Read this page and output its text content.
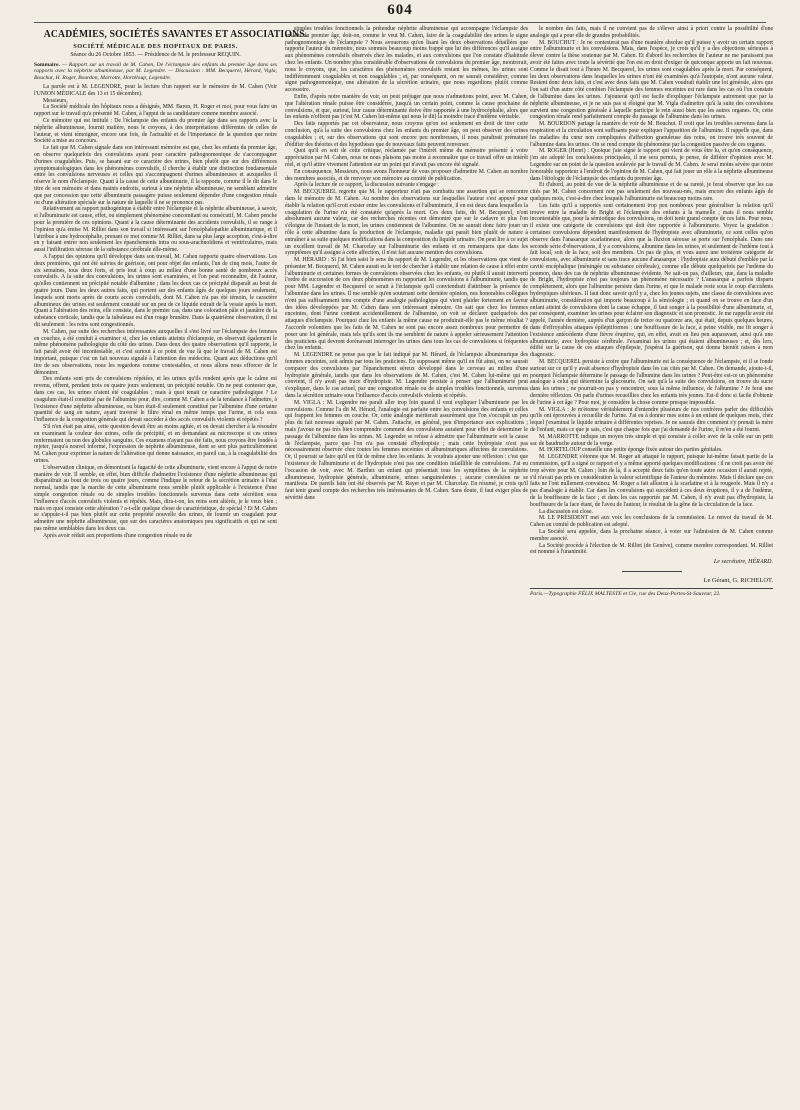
604
ACADÉMIES, SOCIÉTÉS SAVANTES ET ASSOCIATIONS.
SOCIÉTÉ MÉDICALE DES HOPITAUX DE PARIS.
Séance du 26 Octobre 1853. — Présidence de M. le professeur REQUIN.
Sommaire. — Rapport sur un travail de M. Cahen, De l'éclampsie des enfants du premier âge dans ses rapports avec la néphrite albumineuse, par M. Legendre. — Discussion : MM. Becquerel, Hérard, Vigla, Bouchut, H. Roger, Bourdon, Marrotte, Hortéloup, Legendre.

La parole est à M. LEGENDRE, pour la lecture d'un rapport sur le mémoire de M. Cahen (Voir l'UNION MÉDICALE des 13 et 15 décembre).

Messieurs,

La Société médicale des hôpitaux nous a désignés, MM. Baron, H. Roger et moi, pour vous faire un rapport sur le travail qu'a présenté M. Cahen, à l'appui de sa candidature comme membre associé.

Ce mémoire qui est intitulé : De l'éclampsie des enfants du premier âge dans ses rapports avec la néphrite albumineuse, fournit matière, nous le croyons, à des interprétations différentes de celles de l'auteur, et vient témoigner, encore une fois, de l'actualité et de l'importance de la question que notre Société a mise au concours.

Le fait que M. Cahen signale dans son intéressant mémoire est que, chez les enfants du premier âge, on observe quelquefois des convulsions ayant pour caractère pathognomonique de s'accompagner d'urines coagulables. Puis, se basant sur ce caractère des urines, bien plutôt que sur des différences symptomatologiques dans les phénomènes convulsifs, il cherche à établir une distinction fondamentale entre les convulsions nerveuses et celles qui s'accompagnent d'urines albumineuses et auxquelles il réserve le nom d'éclampsie. Quant à la cause de cette albuminurie, il la rapporte, comme il le dit dans le titre de son mémoire et dans maints endroits, surtout à une néphrite albumineuse, ne semblant admettre que par concession que cette albuminurie passagère puisse seulement dépendre d'une congestion rénale ou d'une altération spéciale sur la nature de laquelle il ne se prononce pas.

Relativement au rapport pathogénique à établir entre l'éclampsie et la néphrite albumineuse, à savoir, si l'albuminurie est cause, effet, ou simplement phénomène concomitant ou consécutif, M. Cahen penche pour la première de ces opinions. Quant à la cause déterminante des accidents convulsifs, il se range à l'opinion qu'a émise M. Rilliet dans son travail si intéressant sur l'encéphalopathie albuminurique, et il l'attribue à une hydrocéphalie, prenant ce mot comme M. Rilliet, dans sa plus large acception, c'est-à-dire en y faisant entrer non seulement les épanchements intra ou sous-arachnoïdiens et ventriculaires, mais aussi l'infiltration séreuse de la substance cérébrale elle-même.

A l'appui des opinions qu'il développe dans son travail, M. Cahen rapporte quatre observations. Les deux premières, qui ont été suivies de guérison, ont pour objet des enfants, l'un de cinq mois, l'autre de six semaines, tous deux forts, et pris tout à coup au milieu d'une bonne santé de nombreux accès convulsifs. A la suite des convulsions, les urines sont examinées, et l'on peut reconnaître, dit l'auteur, qu'elles contiennent un précipité notable d'albumine ; dans les deux cas ce précipité disparaît au bout de quatre jours. Dans les deux autres faits, qui portent sur des enfants âgés de quelques jours seulement, lesquels sont morts après de courts accès convulsifs, dont M. Cahen n'a pas été témoin, le caractère albumineux des urines est seulement constaté sur un peu de ce liquide extrait de la vessie après la mort. Quant à l'altération des reins, elle consiste, dans le premier cas, dans une coloration pâle et jaunâtre de la substance corticale, tandis que la tubuleuse est d'un rouge brunâtre. Dans la quatrième observation, il est dit seulement : les reins sont congestionnés.

M. Cahen, par suite des recherches intéressantes auxquelles il s'est livré sur l'éclampsie des femmes en couches, a été conduit à examiner si, chez les enfants atteints d'éclampsie, on observait également le même phénomène pathologique du côté des urines. Dans deux des quatre observations qu'il rapporte, le fait paraît avoir été incontestable, et c'est surtout à ce point de vue là que le travail de M. Cahen est important, puisque c'est un fait nouveau signalé à l'attention des médecins. Quant aux déductions qu'il tire de ses observations, nous les regardons comme contestables, et nous allons nous efforcer de le démontrer.

Des enfants sont pris de convulsions répétées, et les urines qu'ils rendent après que le calme est revenu, offrent, pendant trois ou quatre jours seulement, un précipité notable. On ne peut contester que, dans ces cas, les urines n'aient été coagulables ; mais à quoi tenait ce caractère pathologique ? Le coagulum était-il constitué par de l'albumine pour, dire, comme M. Cahen a de la tendance à l'admettre, à l'existence d'une néphrite albumineuse, ou bien était-il seulement constitué par l'albumine d'une certaine quantité de sang en nature, ayant traversé le filtre rénal en même temps que l'urine, et cela sous l'influence de la congestion générale qui devait succéder à des accès convulsifs violents et répétés ?

S'il n'en était pas ainsi, cette question devait être au moins agitée, et on devait chercher à la résoudre en examinant la couleur des urines, celle du précipité, et en demandant au microscope si ces urines renfermaient ou non des globules sanguins. Ces examens n'ayant pas été faits, nous croyons être fondés à rejeter, jusqu'à nouvel informé, l'expression de néphrite albumineuse, dont se sert plus particulièrement M. Cahen pour exprimer la nature de l'altération qui donne naissance, en pareil cas, à la coagulabilité des urines.

L'observation clinique, en démontrant la fugacité de cette albuminurie, vient encore à l'appui de notre manière de voir. Il semble, en effet, bien difficile d'admettre l'existence d'une néphrite albumineuse qui disparaîtrait au bout de trois ou quatre jours, comme l'indique le retour de la sécrétion urinaire à l'état normal, tandis que la marche de cette albuminurie nous semble plutôt applicable à l'existence d'une simple congestion rénale ou de simples troubles fonctionnels survenus dans cette sécrétion sous l'influence d'accès convulsifs violents et répétés. Mais, dira-t-on, les reins sont altérés, je le veux bien ; mais en quoi consiste cette altération ? a-t-elle quelque chose de caractéristique, de spécial ? Et M. Cahen se s'appuie-t-il pas bien plutôt sur cette propriété nouvelle des urines, de fournir un coagulant pour admettre une néphrite albumineuse, que sur des caractères anatomiques peu significatifs et qui ne sont pas même semblables dans les deux cas.

Après avoir réduit aux proportions d'une congestion rénale ou de

simples troubles fonctionnels la prétendue néphrite albumineuse qui accompagne l'éclampsie des enfants du premier âge, doit-on, comme le veut M. Cahen, faire de la coagulabilité des urines le signe pathognomonique de l'éclampsie ? Nous avouerons qu'en lisant les deux observations détaillées que rapporte l'auteur du mémoire, nous sommes beaucoup moins frappé que lui des différences qu'il assigne aux phénomènes convulsifs observés chez les malades, et aux convulsions que l'on constate d'habitude chez les enfants. Un nombre plus considérable d'observations de convulsions du premier âge, montrerait, nous le croyons, que, les caractères des phénomènes convulsifs restant les mêmes, les urines sont indifféremment coagulables et non coagulables ; et, par conséquent, on ne saurait considérer, comme signe pathognomonique, une altération de la sécrétion urinaire, que nous regardions plutôt comme accessoire.

Enfin, d'après notre manière de voir, on peut préjuger que nous n'admettons point, avec M. Cahen, que l'altération rénale puisse être considérée, jusqu'à un certain point, comme la cause prochaine de convulsions, et que, surtout, leur cause déterminante doive être rapportée à une hydrocéphalie, alors que les enfants n'offrent pas (c'est M. Cahen lui-même qui nous le dit) la moindre trace d'œdème véritable.

Des faits rapportés par cet observateur, nous croyons qu'on est seulement en droit de tirer cette conclusion, qu'à la suite des convulsions chez les enfants du premier âge, on peut observer des urines coagulables ; et, sur des observations qui sont encore peu nombreuses, il nous paraîtrait prématuré d'édifier des théories et des hypothèses que de nouveaux faits peuvent renverser.

Quoi qu'il en soit de cette critique, réclamée par l'intérêt même du mémoire présenté à votre appréciation par M. Cahen, nous ne nous plaisons pas moins à reconnaître que ce travail offre un intérêt réel, et qu'il attire vivement l'attention sur un point qui n'avait pas encore été signalé.

En conséquence, Messieurs, nous avons l'honneur de vous proposer d'admettre M. Cahen au nombre des membres associés, et de renvoyer son mémoire au comité de publication.

Après la lecture de ce rapport, la discussion suivante s'engage :

M. BECQUEREL regrette que M. le rapporteur n'ait pas combattu une assertion qui se rencontre dans le mémoire de M. Cahen. Au nombre des observations sur lesquelles l'auteur s'est appuyé pour établir la relation qu'il croit exister entre les convulsions et l'albuminurie, il en est deux dans lesquelles la coagulation de l'urine n'a été constatée qu'après la mort. Ces deux faits, dit M. Becquerel, n'ont absolument aucune valeur, car des recherches récentes ont démontré que sur le cadavre et plus l'on s'éloigne de l'instant de la mort, les urines contiennent de l'albumine. On ne saurait donc faire jouer un rôle à cette albumine dans la production de l'éclampsie, maladie qui paraît bien plutôt de nature à entraîner à sa suite quelques modifications dans la composition du liquide urinaire. On peut lire à ce sujet un excellent travail de M. Charcelay sur l'albuminurie des enfants et on remarquera que dans les symptômes qu'il assigne à cette affection, il n'est fait aucune mention des convulsions.

M. HÉRARD : Si j'ai bien saisi le sens du rapport de M. Legendre, et les observations que vient de présenter M. Becquerel, M. Cahen aurait eu le tort de chercher à établir une relation de cause à effet entre l'albuminurie et certaines formes de convulsions observées chez les enfants, ou plutôt il aurait intervertí l'ordre de succession de ces deux phénomènes en rapportant les convulsions à l'albuminurie, tandis que pour MM. Legendre et Becquerel ce serait à l'éclampsie qu'il conviendrait d'attribuer la présence de l'albumine dans les urines. Il me semble qu'en soutenant cette dernière opinion, nos honorables collègues n'ont pas suffisamment tenu compte d'une analogie pathologique qui vient plaider fortement en faveur des idées développées par M. Cahen dans son intéressant mémoire. On sait que chez les femmes enceintes, dont l'urine contient accidentellement de l'albumine, on voit se déclarer quelquefois des attaques d'éclampsie. Pourquoi chez les enfants la même cause ne produirait-elle pas le même résultat ? J'accorde volontiers que les faits de M. Cahen ne sont pas encore assez nombreux pour permettre de poser une loi générale, mais tels qu'ils sont ils me semblent de nature à appeler sérieusement l'attention des praticiens qui devront dorénavant interroger les urines dans tous les cas de convulsions si fréquentes chez les enfants.

M. LEGENDRE ne pense pas que le fait indiqué par M. Hérard, de l'éclampsie albuminurique des femmes enceintes, soit admis par tous les praticiens. En supposant même qu'il en fût ainsi, on ne saurait comparer des convulsions par l'épanchement séreux développé dans le cerveau au milieu d'une hydropisie générale, tandis que dans les observations de M. Cahen, c'est M. Cahen lui-même qui en convient, il n'y avait pas trace d'hydropisie. M. Legendre persiste à penser que l'albuminurie peut s'expliquer, dans le cas actuel, par une congestion rénale ou de simples troubles fonctionnels, survenus dans la sécrétion urinaire sous l'influence d'accès convulsifs violents et répétés.

M. VIGLA : M. Legendre me paraît aller trop loin quand il veut expliquer l'albuminurie par les convulsions. Comme l'a dit M. Hérard, l'analogie est parfaite entre les convulsions des enfants et celles qui frappent les femmes en couche. Or, cette analogie mériterait assurément que l'on s'occupât un peu plus du fait nouveau signalé par M. Cahen. J'attache, en général, peu d'importance aux explications ; mais j'avoue ne pas très bien comprendre comment des convulsions auraient pour effet de déterminer le passage de l'albumine dans les urines. M. Legendre se refuse à admettre que l'albuminurie soit la cause de l'éclampsie, parce que l'on n'a pas constaté d'hydropisie ; mais cette hydropisie n'est pas nécessairement observée chez toutes les femmes enceintes et albuminuriques affectées de convulsions. Or, il pourrait se faire qu'il en fût de même chez les enfants. Je voudrais ajouter une réflexion : c'est que l'existence de l'albuminurie et de l'hydropisie n'est pas une condition infaillible de convulsions. J'ai eu l'occasion de voir, avec M. Barthez un enfant qui présentait tous les symptômes de la néphrite albumineuse, hydropisie générale, albuminurie, urines sanguinolentes ; aucune convulsion ne se manifesta. De pareils faits ont été observés par M. Rayer et par M. Charcelay. En résumé, je crois qu'il faut tenir grand compte des recherches très intéressantes de M. Cahen. Sans doute, il faut exiger plus de sévérité dans

le nombre des faits, mais il ne convient pas de s'élever ainsi à priori contre la possibilité d'une analogie qui a pour elle de grandes probabilités.

M. BOUCHUT : Je ne contesterai pas d'une manière absolue qu'il puisse y avoir un certain rapport entre l'albuminurie et les convulsions. Mais, dans l'espèce, je crois qu'il y a des objections sérieuses à élever contre la thèse soutenue par M. Cahen. Et d'abord les recherches de l'auteur ne me paraissent pas avoir été faites avec toute la sévérité que l'on est en droit d'exiger de quiconque apporte un fait nouveau. Comme le disait tout à l'heure M. Becquerel, les urines sont coagulables après la mort. Par conséquent, les deux observations dans lesquelles les urines n'ont été examinées qu'à l'autopsie, n'ont aucune valeur. Restent donc deux faits, et c'est avec deux faits que M. Cahen voudrait établir une loi générale, alors que l'on sait d'un autre côté combien l'éclampsie des femmes enceintes est rare dans les cas où l'on constate de l'albumine dans les urines. J'ajouterai qu'il est facile d'expliquer l'éclampsie autrement que par la néphrite albumineuse, et je ne suis pas si éloigné que M. Vigla d'admettre qu'à la suite des convulsions survient une congestion générale à laquelle participe le rein aussi bien que les autres organes. Or, cette congestion rénale rend parfaitement compte du passage de l'albumine dans les urines.

M. BOURDON partage la manière de voir de M. Bouchut. Il croit que les troubles survenus dans la respiration et la circulation sont suffisants pour expliquer l'apparition de l'albumine. Il rappelle que, dans les maladies du cœur non compliquées d'affection granuleuse des reins, on trouve très souvent de l'albumine dans les urines. On se rend compte du phénomène par la congestion passive de ces organes.

M. ROGER (Henri) : Quoique j'aie signé le rapport qui vient de vous être lu, et qu'en conséquence, j'en aie adopté les conclusions principales, il me sera permis, je pense, de différer d'opinion avec M. Legendre sur un point de la question soulevée par le travail de M. Cahen. Je serai moins sévère que notre honorable rapporteur à l'endroit de l'opinion de M. Cahen, qui fait jouer un rôle à la néphrite albumineuse dans l'étiologie de l'éclampsie des enfants du premier âge.

Et d'abord, au point de vue de la néphrite albumineuse et de sa rareté, je ferai observer que les cas cités par M. Cahen concernent non pas seulement des nouveau-nés, mais encore des enfants âgés de quelques mois, c'est-à-dire chez lesquels l'albuminurie est beaucoup moins rare.

Les faits qu'il a rapportés sont certainement trop peu nombreux pour généraliser la relation qu'il trouve entre la maladie de Bright et l'éclampsie des enfants à la mamelle ; mais il nous semble incontestable que, pour la sémiotique des convulsions, on doit tenir grand compte de ces faits. Pour nous, il existe une catégorie de convulsions qui doit être rapportée à l'albuminurie. Voyez la gradation : certaines convulsions dépendent manifestement de l'hydropisie avec albuminurie, ce sont celles qu'on observe dans l'anasarque scarlatineuse, alors que la fluxion séreuse se porte sur l'encéphale. Dans une seconde série d'observations, il y a convulsions, albumine dans les urines, et seulement de l'œdème tout à fait local, soit de la face, soit des membres. Un pas de plus, et vous aurez une troisième catégorie de convulsions, avec albuminurie et sans trace aucune d'anasarque : l'hydropisie aura débuté d'emblée par la cavité encéphalique (méningée ou substance cérébrale), comme elle débute quelquefois par l'œdème du poumon, dans des cas de néphrite albumineuse évidente. Ne sait-on pas, d'ailleurs, que, dans la maladie de Bright, l'hydropisie n'est pas toujours un phénomène nécessaire ? L'anasarque a parfois disparu complètement, alors que l'albumine persiste dans l'urine, et que le malade reste sous le coup d'accidents hydropiques ultérieurs. Il faut donc savoir qu'il y a, chez les jeunes sujets, une classe de convulsions avec albuminurie, considération qui importe beaucoup à la sémiologie ; et quand on se trouve en face d'un enfant atteint de convulsions dont la cause échappe, il faut songer à la possibilité d'une albuminurie, et, par conséquent, examiner les urines pour éclairer son diagnostic et son pronostic. Je me rappelle avoir été appelé, l'année dernière, auprès d'un garçon de treize ou quatorze ans, qui était, depuis quelques heures, dans d'effroyables attaques épileptiformes : une bouffissure de la face, à peine visible, me fit songer à l'existence antécédente d'une fièvre éruptive, qui, en effet, avait eu lieu peu auparavant, ainsi qu'à une albuminurie, avec hydropisie cérébrale. J'examinai les urines qui étaient albumineuses ; et, dès lors, édifié sur la cause de ces attaques d'épilepsie, j'espérai la guérison, qui donna bientôt raison à mon diagnostic.

M. BECQUEREL persiste à croire que l'albuminurie est la conséquence de l'éclampsie, et il se fonde surtout sur ce qu'il y avait absence d'hydropisie dans les cas cités par M. Cahen. On demande, ajoute-t-il, pourquoi l'éclampsie détermine le passage de l'albumine dans les urines ? Peut-être est-ce un phénomène analogue à celui qui détermine la glucosurie. On sait qu'à la suite des convulsions, on trouve du sucre dans les urines ; ne pourrait-on pas y rencontrer, sous la même influence, de l'albumine ? Je ferai une dernière réflexion. On parle d'urines recueillies chez les enfants très jeunes. Est-il donc si facile d'obtenir de l'urine à cet âge ? Pour moi, je considère la chose comme presque impossible.

M. VIGLA : Je m'étonne véritablement d'entendre plusieurs de nos confrères parler des difficultés qu'ils ont éprouvées à recueillir de l'urine. J'ai eu à donner mes soins à un enfant de quelques mois, chez lequel j'examinai le liquide urinaire à différentes reprises. Je ne saurais dire comment s'y prenait la mère de l'enfant, mais ce que je sais, c'est que chaque fois que j'ai demandé de l'urine, il m'en a été fourni.

M. MARROTTE indique un moyen très simple et qui consiste à coller avec de la colle sur un petit sac de baudruche autour de la verge.

M. HORTELOUP conseille une petite éponge fixée autour des parties génitales.

M. LEGENDRE s'étonne que M. Roger ait attaqué le rapport, puisque lui-même faisait partie de la commission, qu'il a signé ce rapport et y a même apporté quelques modifications : il ne croit pas avoir été trop sévère pour M. Cahen ; loin de là, il a accepté deux faits qu'en toute autre occasion il aurait rejeté, s'il n'avait pas pris en considération la valeur scientifique de l'auteur du mémoire. Mais il déclare que ces faits ne l'ont nullement convaincu. M. Roger a fait allusion à la scarlatine et à la rougeole. Mais il n'y a pas d'analogie à établir. Car dans les convulsions qui succèdent à ces deux éruptions, il y a de l'œdème, de la bouffissure de la face ; et dans les cas rapportés par M. Cahen, il n'y avait pas d'hydropisie, la bouffissure de la face étant, de l'aveu de l'auteur, le résultat de la gêne de la circulation de la face.

La discussion est close.

M. LE PRÉSIDENT met aux voix les conclusions de la commission. Le renvoi du travail de M. Cahen au comité de publication est adopté.

La Société sera appelée, dans la prochaine séance, à voter sur l'admission de M. Cahen comme membre associé.

La Société procède à l'élection de M. Rilliet (de Genève), comme membre correspondant. M. Rilliet est nommé à l'unanimité.

Le secrétaire, HÉRARD.
Le Gérant, G. RICHELOT.
Paris.—Typographie FÉLIX MALTESTE et Cie, rue des Deux-Portes-St-Sauveur, 22.
